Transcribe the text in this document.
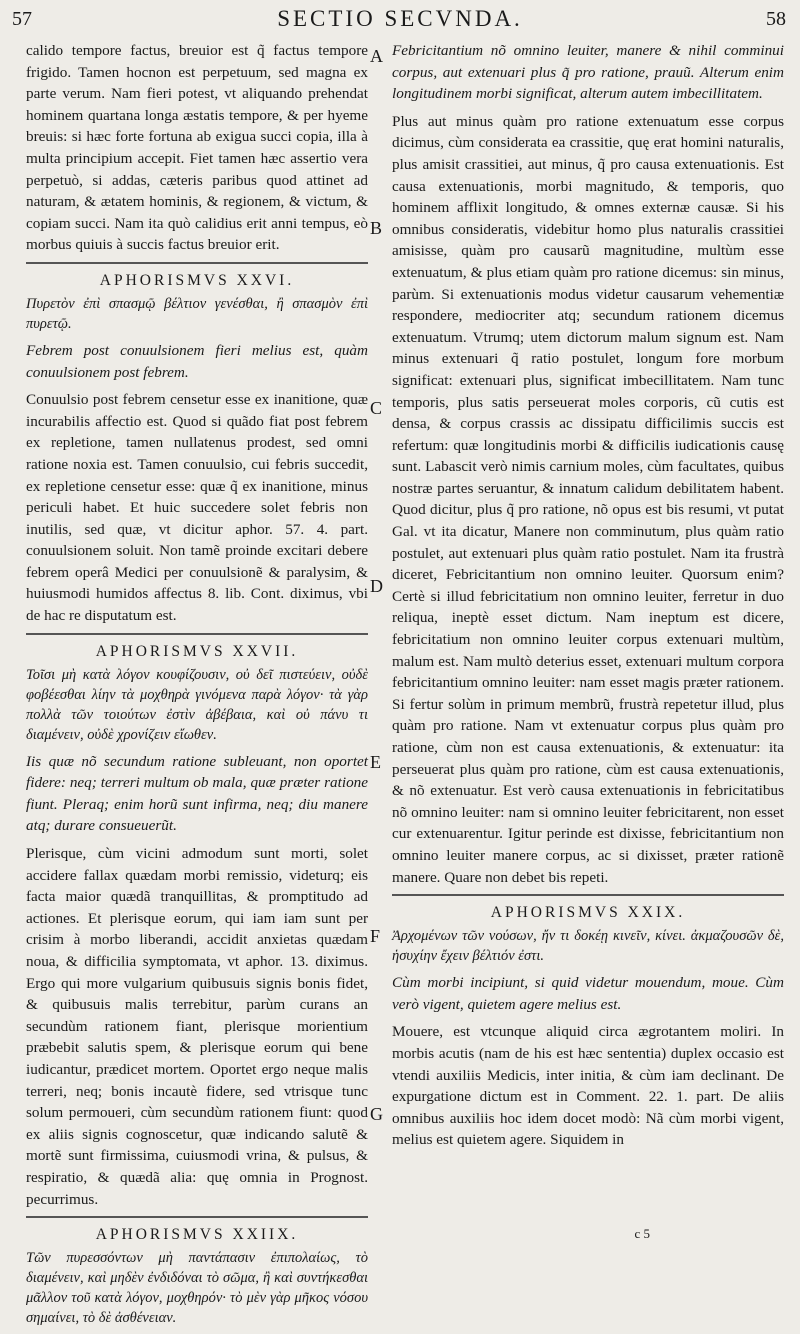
57	SECTIO SECVNDA.	58

calido tempore factus, breuior est q̃ factus tempore frigido. Tamen hocnon est perpetuum, sed magna ex parte verum. Nam fieri potest, vt aliquando prehendat hominem quartana longa æstatis tempore, & per hyeme breuis: si hæc forte fortuna ab exigua succi copia, illa à multa principium accepit. Fiet tamen hæc assertio vera perpetuò, si addas, cæteris paribus quod attinet ad naturam, & ætatem hominis, & regionem, & victum, & copiam succi. Nam ita quò calidius erit anni tempus, eò morbus quiuis à succis factus breuior erit.

APHORISMVS XXVI.

Πυρετὸν ἐπὶ σπασμῷ βέλτιον γενέσθαι, ἢ σπασμὸν ἐπὶ πυρετῷ.

Febrem post conuulsionem fieri melius est, quàm conuulsionem post febrem.

Conuulsio post febrem censetur esse ex inanitione, quæ incurabilis affectio est. Quod si quãdo fiat post febrem ex repletione, tamen nullatenus prodest, sed omni ratione noxia est. Tamen conuulsio, cui febris succedit, ex repletione censetur esse: quæ q̃ ex inanitione, minus periculi habet. Et huic succedere solet febris non inutilis, sed quæ, vt dicitur aphor. 57. 4. part. conuulsionem soluit. Non tamẽ proinde excitari debere febrem operâ Medici per conuulsionẽ & paralysim, & huiusmodi humidos affectus 8. lib. Cont. diximus, vbi de hac re disputatum est.

APHORISMVS XXVII.

Τοῖσι μὴ κατὰ λόγον κουφίζουσιν, οὐ δεῖ πιστεύειν, οὐδὲ φοβέεσθαι λίην τὰ μοχθηρὰ γινόμενα παρὰ λόγον· τὰ γὰρ πολλὰ τῶν τοιούτων ἐστὶν ἀβέβαια, καὶ οὐ πάνυ τι διαμένειν, οὐδὲ χρονίζειν εἴωθεν.

Iis quæ nõ secundum ratione subleuant, non oportet fidere: neq; terreri multum ob mala, quæ præter ratione fiunt. Pleraq; enim horũ sunt infirma, neq; diu manere atq; durare consueuerũt.

Plerisque, cùm vicini admodum sunt morti, solet accidere fallax quædam morbi remissio, videturq; eis facta maior quædã tranquillitas, & promptitudo ad actiones. Et plerisque eorum, qui iam iam sunt per crisim à morbo liberandi, accidit anxietas quædam noua, & difficilia symptomata, vt aphor. 13. diximus. Ergo qui more vulgarium quibusuis signis bonis fidet, & quibusuis malis terrebitur, parùm curans an secundùm rationem fiant, plerisque morientium præbebit salutis spem, & plerisque eorum qui bene iudicantur, prædicet mortem. Oportet ergo neque malis terreri, neq; bonis incautè fidere, sed vtrisque tunc solum permoueri, cùm secundùm rationem fiunt: quod ex aliis signis cognoscetur, quæ indicando salutẽ & mortẽ sunt firmissima, cuiusmodi vrina, & pulsus, & respiratio, & quædã alia: quę omnia in Prognost. pecurrimus.

APHORISMVS XXIIX.

Τῶν πυρεσσόντων μὴ παντάπασιν ἐπιπολαίως, τὸ διαμένειν, καὶ μηδὲν ἐνδιδόναι τὸ σῶμα, ἢ καὶ συντήκεσθαι μᾶλλον τοῦ κατὰ λόγον, μοχθηρόν· τὸ μὲν γὰρ μῆκος νόσου σημαίνει, τὸ δὲ ἀσθένειαν.

A
B
C
D
E
F
G

Febricitantium nõ omnino leuiter, manere & nihil comminui corpus, aut extenuari plus q̃ pro ratione, prauũ. Alterum enim longitudinem morbi significat, alterum autem imbecillitatem.

Plus aut minus quàm pro ratione extenuatum esse corpus dicimus, cùm considerata ea crassitie, quę erat homini naturalis, plus amisit crassitiei, aut minus, q̃ pro causa extenuationis. Est causa extenuationis, morbi magnitudo, & temporis, quo hominem afflixit longitudo, & omnes externæ causæ. Si his omnibus consideratis, videbitur homo plus naturalis crassitiei amisisse, quàm pro causarũ magnitudine, multùm esse extenuatum, & plus etiam quàm pro ratione dicemus: sin minus, parùm. Si extenuationis modus videtur causarum vehementiæ respondere, mediocriter atq; secundum rationem dicemus extenuatum. Vtrumq; utem dictorum malum signum est. Nam minus extenuari q̃ ratio postulet, longum fore morbum significat: extenuari plus, significat imbecillitatem. Nam tunc temporis, plus satis perseuerat moles corporis, cũ cutis est densa, & corpus crassis ac dissipatu difficilimis succis est refertum: quæ longitudinis morbi & difficilis iudicationis causę sunt. Labascit verò nimis carnium moles, cùm facultates, quibus nostræ partes seruantur, & innatum calidum debilitatem habent. Quod dicitur, plus q̃ pro ratione, nõ opus est bis resumi, vt putat Gal. vt ita dicatur, Manere non comminutum, plus quàm ratio postulet, aut extenuari plus quàm ratio postulet. Nam ita frustrà diceret, Febricitantium non omnino leuiter. Quorsum enim? Certè si illud febricitatium non omnino leuiter, ferretur in duo reliqua, ineptè esset dictum. Nam ineptum est dicere, febricitatium non omnino leuiter corpus extenuari multùm, malum est. Nam multò deterius esset, extenuari multum corpora febricitantium omnino leuiter: nam esset magis præter rationem. Si fertur solùm in primum membrũ, frustrà repetetur illud, plus quàm pro ratione. Nam vt extenuatur corpus plus quàm pro ratione, cùm non est causa extenuationis, & extenuatur: ita perseuerat plus quàm pro ratione, cùm est causa extenuationis, & nõ extenuatur. Est verò causa extenuationis in febricitatibus nõ omnino leuiter: nam si omnino leuiter febricitarent, non esset cur extenuarentur. Igitur perinde est dixisse, febricitantium non omnino leuiter manere corpus, ac si dixisset, præter rationẽ manere. Quare non debet bis repeti.

APHORISMVS XXIX.

Ἀρχομένων τῶν νούσων, ἤν τι δοκέῃ κινεῖν, κίνει. ἀκμαζουσῶν δὲ, ἡσυχίην ἔχειν βέλτιόν ἐστι.

Cùm morbi incipiunt, si quid videtur mouendum, moue. Cùm verò vigent, quietem agere melius est.

Mouere, est vtcunque aliquid circa ægrotantem moliri. In morbis acutis (nam de his est hæc sententia) duplex occasio est vtendi auxiliis Medicis, inter initia, & cùm iam declinant. De expurgatione dictum est in Comment. 22. 1. part. De aliis omnibus auxiliis hoc idem docet modò: Nã cùm morbi vigent, melius est quietem agere. Siquidem in

c 5
